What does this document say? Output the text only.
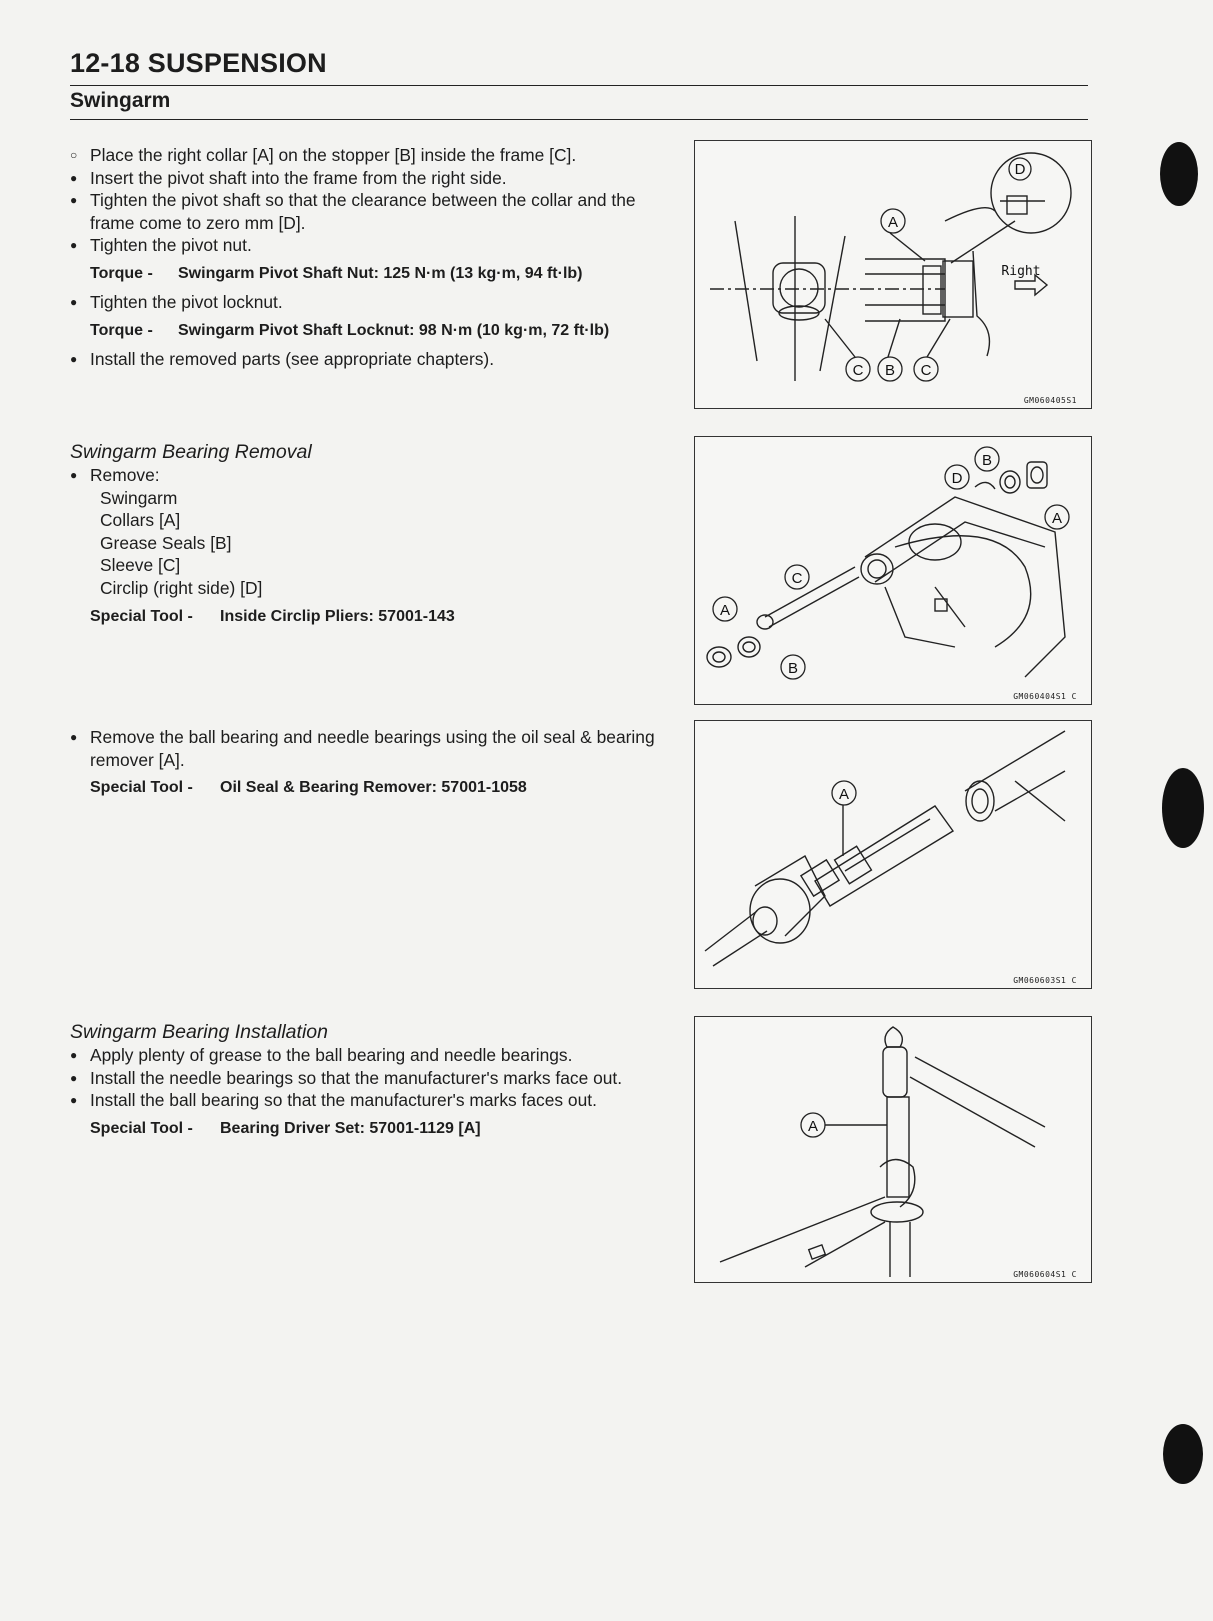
12-18 SUSPENSION
Swingarm
○ Place the right collar [A] on the stopper [B] inside the frame [C].
● Insert the pivot shaft into the frame from the right side.
● Tighten the pivot shaft so that the clearance between the collar and the frame come to zero mm [D].
● Tighten the pivot nut.
Torque - Swingarm Pivot Shaft Nut: 125 N·m (13 kg·m, 94 ft·lb)
● Tighten the pivot locknut.
Torque - Swingarm Pivot Shaft Locknut: 98 N·m (10 kg·m, 72 ft·lb)
● Install the removed parts (see appropriate chapters).
Swingarm Bearing Removal
● Remove:
Swingarm
Collars [A]
Grease Seals [B]
Sleeve [C]
Circlip (right side) [D]
Special Tool - Inside Circlip Pliers: 57001-143
● Remove the ball bearing and needle bearings using the oil seal & bearing remover [A].
Special Tool - Oil Seal & Bearing Remover: 57001-1058
Swingarm Bearing Installation
● Apply plenty of grease to the ball bearing and needle bearings.
● Install the needle bearings so that the manufacturer's marks face out.
● Install the ball bearing so that the manufacturer's marks faces out.
Special Tool - Bearing Driver Set: 57001-1129 [A]
A
B
C	C
D
Right
GM060405S1
A
B
C
D
A
B
GM060404S1 C
A
GM060603S1 C
A
GM060604S1 C
